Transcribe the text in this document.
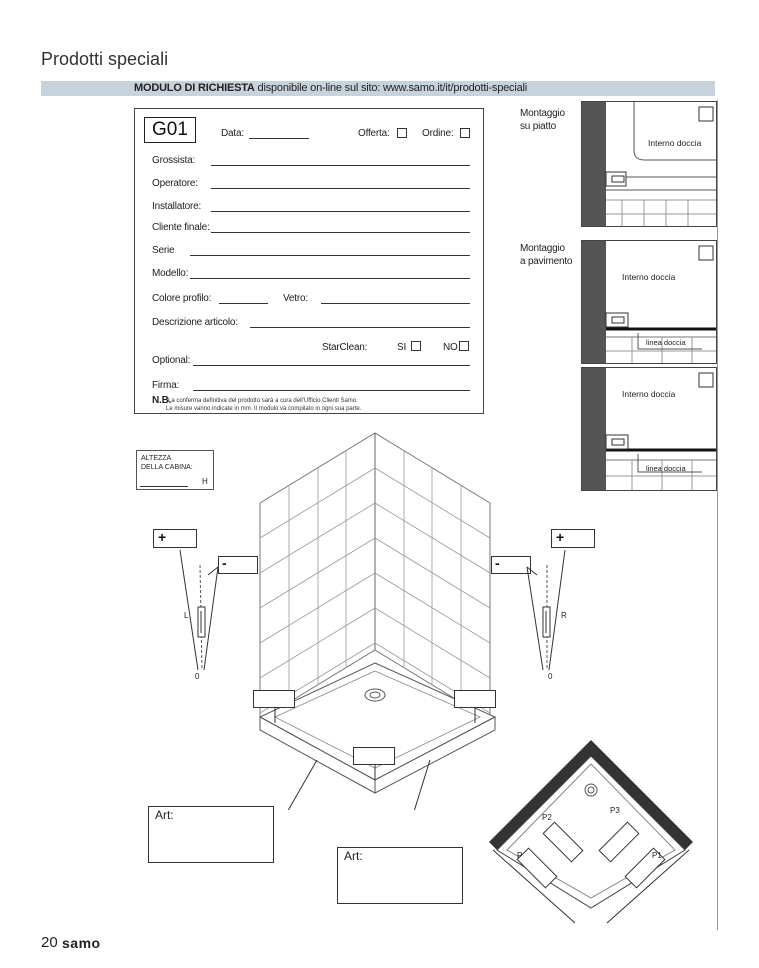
Prodotti speciali
MODULO DI RICHIESTA disponibile on-line sul sito: www.samo.it/it/prodotti-speciali
G01	Data:	Offerta:	Ordine:
Grossista:
Operatore:
Installatore:
Cliente finale:
Serie
Modello:
Colore profilo:	Vetro:
Descrizione articolo:
StarClean:	SI	NO
Optional:
Firma:
N.B.
La conferma definitiva del prodotto sarà a cura dell'Ufficio Clienti Samo.
Le misure vanno indicate in mm. Il modulo va compilato in ogni sua parte.
Montaggio
su piatto
Montaggio
a pavimento
Interno doccia
Interno doccia
linea doccia
Interno doccia
linea doccia
ALTEZZA
DELLA CABINA:
H
Art:
Art:
+
-
L
0
+
-
R
0
P	P1
P2
P3
20 samo
